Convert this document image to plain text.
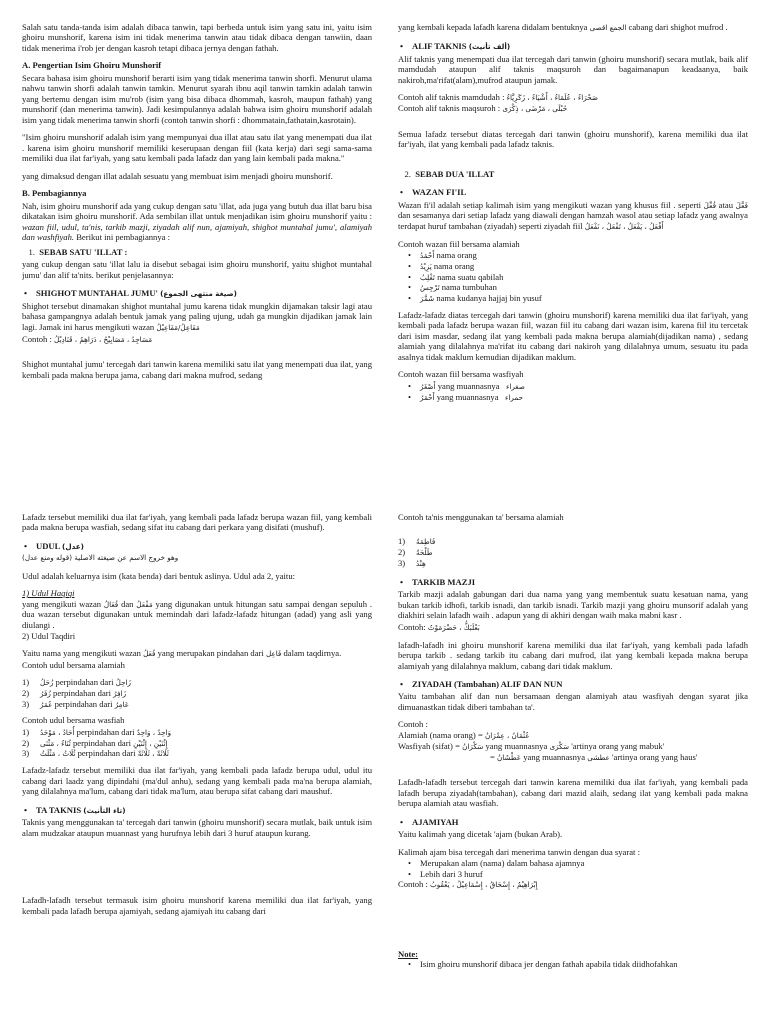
Salah satu tanda-tanda isim adalah dibaca tanwin, tapi berbeda untuk isim yang satu ini, yaitu isim ghoiru munshorif, karena isim ini tidak menerima tanwin atau tidak dibaca dengan tanwiin, daan tidak menerima i'rob jer dengan kasroh tetapi dibaca jernya dengan fathah.

A. Pengertian Isim Ghoiru Munshorif

Secara bahasa isim ghoiru munshorif berarti isim yang tidak menerima tanwin shorfi. Menurut ulama nahwu tanwin shorfi adalah tanwin tamkin. Menurut syarah ibnu aqil tanwin tamkin adalah tanwin yang bertemu dengan isim mu'rob (isim yang bisa dibaca dhommah, kasroh, maupun fathah) yang munshorif (dan menerima tanwin). Jadi kesimpulannya adalah bahwa isim ghoiru munshorif adalah isim yang tidak menerima tanwin shorfi (contoh tanwin shorfi : dhommatain,fathatain,kasrotain).

"Isim ghoiru munshorif adalah isim yang mempunyai dua illat atau satu ilat yang menempati dua ilat . karena isim ghoiru munshorif memiliki keserupaan dengan fiil (kata kerja) dari segi sama-sama memiliki dua ilat far'iyah, yang satu kembali pada lafadz dan yang lain kembali pada makna."

yang dimaksud dengan illat adalah sesuatu yang membuat isim menjadi ghoiru munshorif.

B. Pembagiannya

Nah, isim ghoiru munshorif ada yang cukup dengan satu 'illat, ada juga yang butuh dua illat baru bisa dikatakan isim ghoiru munshorif. Ada sembilan illat untuk menjadikan isim ghoiru munshorif yaitu : wazan fiil, udul, ta'nis, tarkib mazji, ziyadah alif nun, ajamiyah, shighot muntahal jumu', alamiyah dan washfiyah. Berikut ini pembagiannya :

1. SEBAB SATU 'ILLAT :

yang cukup dengan satu 'illat lalu ia disebut sebagai isim ghoiru munshorif, yaitu shighot muntahal jumu' dan alif ta'nits. berikut penjelasannya:

• SHIGHOT MUNTAHAL JUMU' (صيغة منتهى الجموع)

Shighot tersebut dinamakan shighot muntahal jumu karena tidak mungkin dijamakan taksir lagi atau bahasa gampangnya adalah bentuk jamak yang paling ujung, udah ga mungkin dijadikan jamak lain lagi. Jamak ini harus mengikuti wazan مَفَاعِلُ/مَفَاعِيْلُ

Contoh : مَسَاجِدُ ، مَصَابِيْحُ ، دَرَاهِمُ ، قَنَادِيْلُ

Shighot muntahal jumu' tercegah dari tanwin karena memiliki satu ilat yang menempati dua ilat, yang kembali pada makna berupa jama, cabang dari makna mufrod, sedang

yang kembali kepada lafadh karena didalam bentuknya الجمع اقصى cabang dari shighot mufrod .

• ALIF TAKNIS (ألف تأنيث)

Alif taknis yang menempati dua ilat tercegah dari tanwin (ghoiru munshorif) secara mutlak, baik alif mamdudah ataupun alif taknis maqsuroh dan bagaimanapun keadaanya, baik nakiroh,ma'rifat(alam),mufrod ataupun jamak.

Contoh alif taknis mamdudah : صَحْرَاءُ ، عُلَمَاءُ ، أَشْيَاءُ ، زَكَرِيَّاءُ

Contoh alif taknis maqsuroh : حُبْلَى ، مَرْضَى ، ذِكْرَى

Semua lafadz tersebut diatas tercegah dari tanwin (ghoiru munshorif), karena memiliki dua ilat far'iyah, ilat yang kembali pada lafadz taknis.

2. SEBAB DUA 'ILLAT
• WAZAN FI'IL

Wazan fi'il adalah setiap kalimah isim yang mengikuti wazan yang khusus fiil . seperti فُعِّلَ atau فَعَّلَ dan sesamanya dari setiap lafadz yang diawali dengan hamzah wasol atau setiap lafadz yang awalnya terdapat huruf tambahan (ziyadah) seperti ziyadah fiil أَفْعَلُ ، يَفْعَلُ ، تَفْعَلُ ، نَفْعَلُ

Contoh wazan fiil bersama alamiah

• أَحْمَدُ nama orang
• يَزِيْدُ nama orang
• تَغْلِبُ nama suatu qabilah
• تَرْجِسُ nama tumbuhan
• شَمَّرَ nama kudanya hajjaj bin yusuf

Lafadz-lafadz diatas tercegah dari tanwin (ghoiru munshorif) karena memiliki dua ilat far'iyah, yang kembali pada lafadz berupa wazan fiil, wazan fiil itu cabang dari wazan isim, karena fiil itu tercetak dari isim masdar, sedang ilat yang kembali pada makna berupa alamiah(dijadikan nama) , sedang alamiah yang dilalahnya ma'rifat itu cabang dari nakiroh yang dilalahnya umum, sesuatu itu pada asalnya tidak maklum kemudian dijadikan maklum.

Contoh wazan fiil bersama wasfiyah

• أَصْغَرُ yang muannasnya صغراء
• أَحْمَرُ yang muannasnya حمراء

Lafadz tersebut memiliki dua ilat far'iyah, yang kembali pada lafadz berupa wazan fiil, yang kembali pada makna berupa wasfiah, sedang sifat itu cabang dari perkara yang disifati (mushuf).

• UDUL (عدل)

(قوله ومنع عدل) وهو خروج الاسم عن صيغته الاصلية

Udul adalah keluarnya isim (kata benda) dari bentuk aslinya. Udul ada 2, yaitu:

1) Udul Haqiqi

yang mengikuti wazan فُعَالُ dan مَفْعَلُ yang digunakan untuk hitungan satu sampai dengan sepuluh . dua wazan tersebut digunakan untuk memindah dari lafadz-lafadz hitungan (adad) yang asli yang diulangi .

2) Udul Taqdiri

Yaitu nama yang mengikuti wazan فُعَلُ yang merupakan pindahan dari فَاعِل dalam taqdirnya.

Contoh udul bersama alamiah

1) زُحَلُ perpindahan dari زَاحِلُ
2) زُفَرُ perpindahan dari زَافِرُ
3) عُمَرُ perpindahan dari عَامِرُ

Contoh udul bersama wasfiah

1) أُحَادُ ، مَوْحَدُ perpindahan dari وَاحِدٌ ، وَاحِدٌ
2) ثُنَاءُ ، مَثْنَى perpindahan dari إِثْنَيْنِ ، إِثْنَيْنِ
3) ثُلَاثُ ، مَثْلَثُ perpindahan dari ثَلَاثَةٌ ، ثَلَاثَةٌ

Lafadz-lafadz tersebut memiliki dua ilat far'iyah, yang kembali pada lafadz berupa udul, udul itu cabang dari laadz yang dipindahi (ma'dul anhu), sedang yang kembali pada ma'na berupa alamiah, yang dilalahnya ma'lum, cabang dari tidak ma'lum, atau berupa sifat cabang dari maushuf.

• TA TAKNIS (تاء التأنيث)

Taknis yang menggunakan ta' tercegah dari tanwin (ghoiru munshorif) secara mutlak, baik untuk isim alam mudzakar ataupun muannast yang hurufnya lebih dari 3 huruf ataupun kurang.

Lafadh-lafadh tersebut termasuk isim ghoiru munshorif karena memiliki dua ilat far'iyah, yang kembali pada lafadh berupa ajamiyah, sedang ajamiyah itu cabang dari

Contoh ta'nis menggunakan ta' bersama alamiah

1) فَاطِمَةُ
2) طَلْحَةُ
3) هِنْدُ
• TARKIB MAZJI

Tarkib mazji adalah gabungan dari dua nama yang yang membentuk suatu kesatuan nama, yang bukan tarkib idhofi, tarkib isnadi, dan tarkib isnadi. Tarkib mazji yang ghoiru munsorif adalah yang diakhiri selain lafadh waih . adapun yang di akhiri dengan waih maka mabni kasr .

Contoh: بَعْلَبَكُّ ، حَضْرَمَوْتُ

lafadh-lafadh ini ghoiru munshorif karena memiliki dua ilat far'iyah, yang kembali pada lafadh berupa tarkib . sedang tarkib itu cabang dari mufrod, ilat yang kembali kepada makna berupa alamiyah yang dilalahnya maklum, cabang dari tidak maklum.

• ZIYADAH (Tambahan) ALIF DAN NUN

Yaitu tambahan alif dan nun bersamaan dengan alamiyah atau wasfiyah dengan syarat jika dimuanastkan tidak diberi tambahan ta'.

Contoh :

Alamiah (nama orang) = عُثْمَانُ ، عِمْرَانُ

Wasfiyah (sifat) = سَكْرَانُ yang muannasnya سَكْرَى 'artinya orang yang mabuk'

= عَطْشَانُ yang muannasnya عطشى 'artinya orang yang haus'

Lafadh-lafadh tersebut tercegah dari tanwin karena memiliki dua ilat far'iyah, yang kembali pada lafadh berupa ziyadah(tambahan), cabang dari mazid alaih, sedang ilat yang kembali pada makna berupa alamiah atau wasfiah.

• AJAMIYAH

Yaitu kalimah yang dicetak 'ajam (bukan Arab).

Kalimah ajam bisa tercegah dari menerima tanwin dengan dua syarat :

• Merupakan alam (nama) dalam bahasa ajamnya
• Lebih dari 3 huruf

Contoh : إِبْرَاهِيْمُ ، إِسْحَاقُ ، إِسْمَاعِيْلُ ، يَعْقُوبُ

Note:
• Isim ghoiru munshorif dibaca jer dengan fathah apabila tidak diidhofahkan
